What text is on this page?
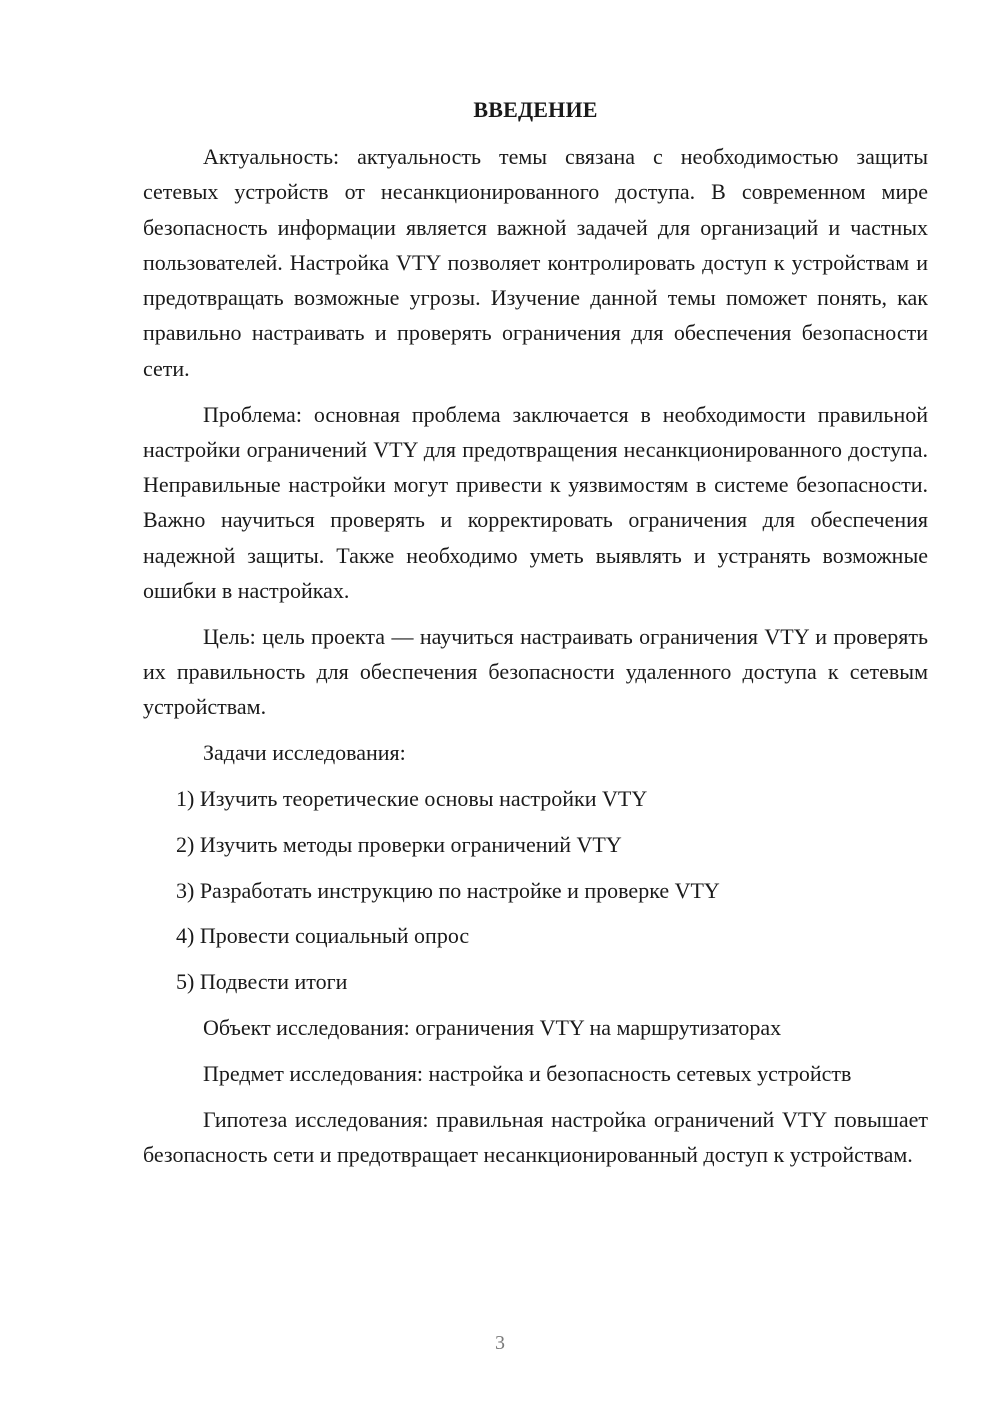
ВВЕДЕНИЕ

Актуальность: актуальность темы связана с необходимостью защиты сетевых устройств от несанкционированного доступа. В современном мире безопасность информации является важной задачей для организаций и частных пользователей. Настройка VTY позволяет контролировать доступ к устройствам и предотвращать возможные угрозы. Изучение данной темы поможет понять, как правильно настраивать и проверять ограничения для обеспечения безопасности сети.

Проблема: основная проблема заключается в необходимости правильной настройки ограничений VTY для предотвращения несанкционированного доступа. Неправильные настройки могут привести к уязвимостям в системе безопасности. Важно научиться проверять и корректировать ограничения для обеспечения надежной защиты. Также необходимо уметь выявлять и устранять возможные ошибки в настройках.

Цель: цель проекта — научиться настраивать ограничения VTY и проверять их правильность для обеспечения безопасности удаленного доступа к сетевым устройствам.

Задачи исследования:

1) Изучить теоретические основы настройки VTY

2) Изучить методы проверки ограничений VTY

3) Разработать инструкцию по настройке и проверке VTY

4) Провести социальный опрос

5) Подвести итоги

Объект исследования: ограничения VTY на маршрутизаторах

Предмет исследования: настройка и безопасность сетевых устройств

Гипотеза исследования: правильная настройка ограничений VTY повышает безопасность сети и предотвращает несанкционированный доступ к устройствам.

3
